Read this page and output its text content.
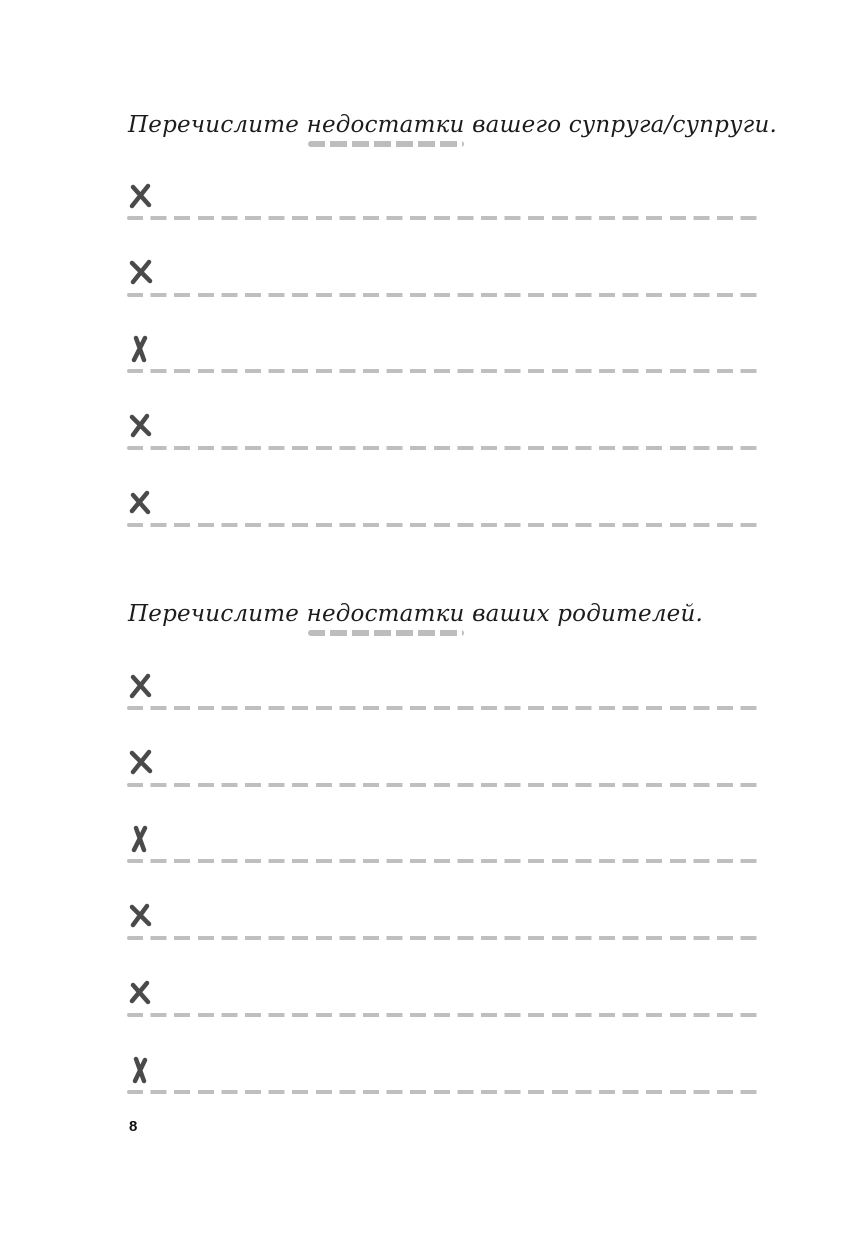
Перечислите недостатки вашего супруга/супруги.
Перечислите недостатки ваших родителей.
8
